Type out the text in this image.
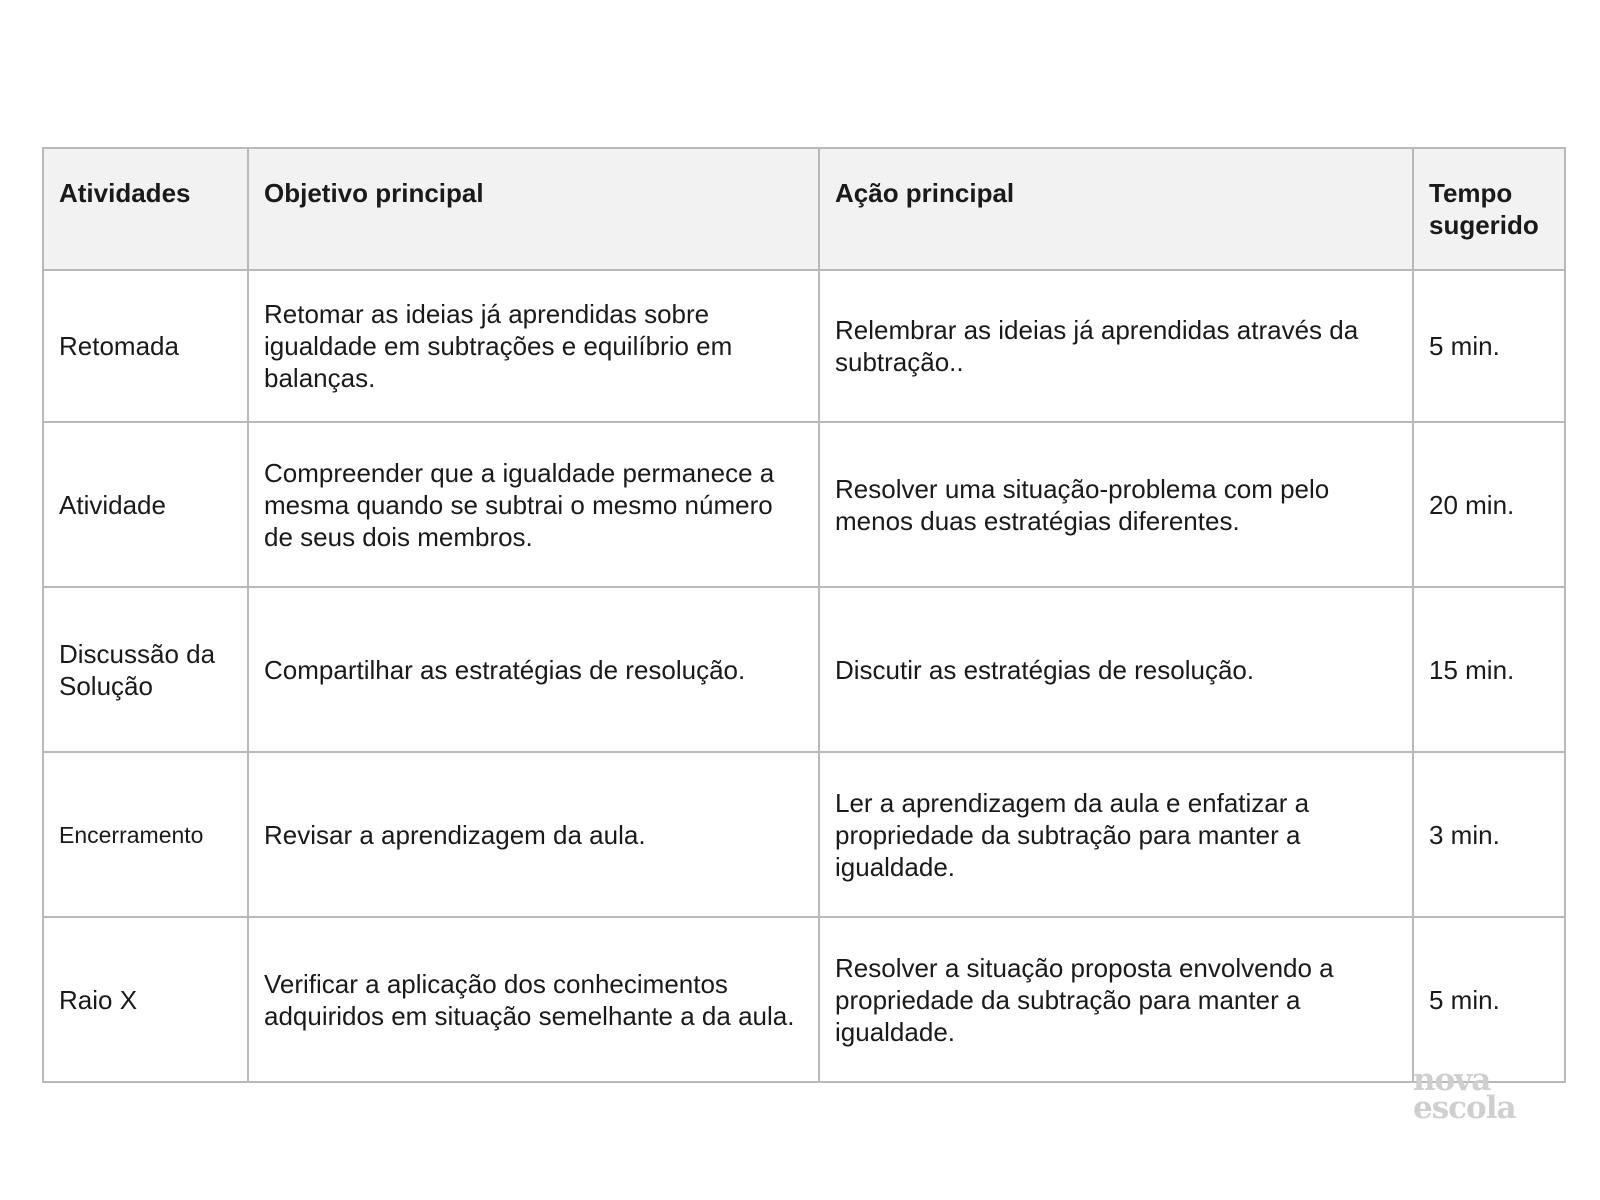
Atividades	Objetivo principal	Ação principal	Tempo sugerido
Retomada	Retomar as ideias já aprendidas sobre igualdade em subtrações e equilíbrio em balanças.	Relembrar as ideias já aprendidas através da subtração..	5 min.
Atividade	Compreender que a igualdade permanece a mesma quando se subtrai o mesmo número de seus dois membros.	Resolver uma situação-problema com pelo menos duas estratégias diferentes.	20 min.
Discussão da Solução	Compartilhar as estratégias de resolução.	Discutir as estratégias de resolução.	15 min.
Encerramento	Revisar a aprendizagem da aula.	Ler a aprendizagem da aula e enfatizar a propriedade da subtração para manter a igualdade.	3 min.
Raio X	Verificar a aplicação dos conhecimentos adquiridos em situação semelhante a da aula.	Resolver a situação proposta envolvendo a propriedade da subtração para manter a igualdade.	5 min.
nova
escola
